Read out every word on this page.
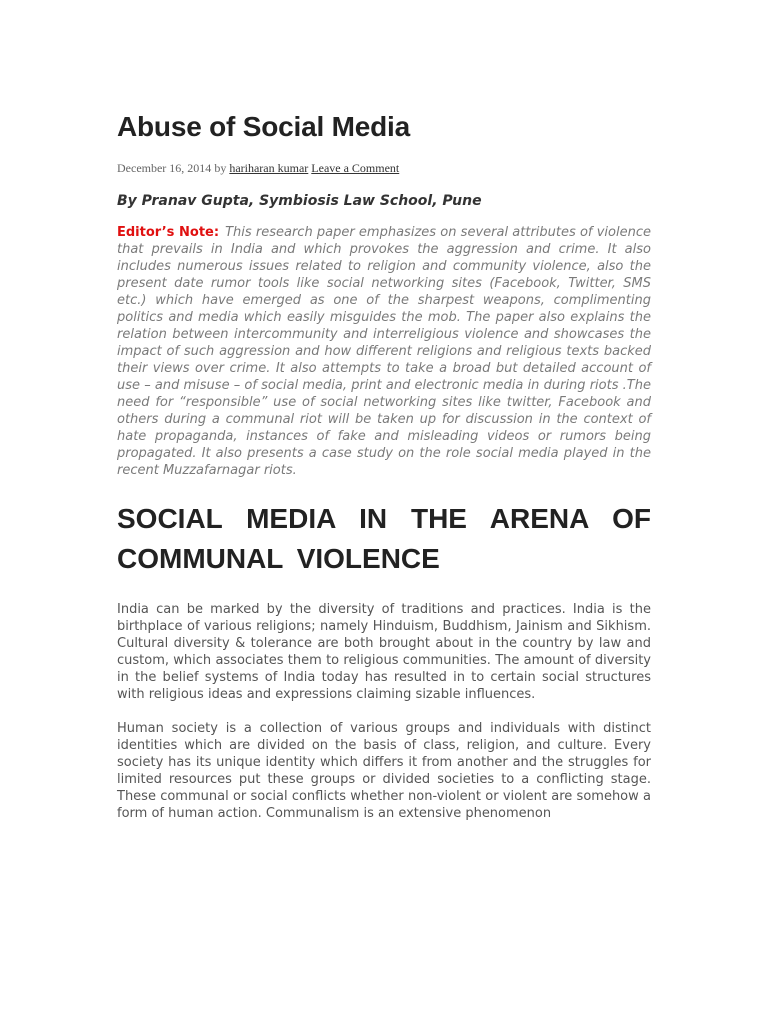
Abuse of Social Media
December 16, 2014 by hariharan kumar Leave a Comment
By Pranav Gupta, Symbiosis Law School, Pune
Editor’s Note: This research paper emphasizes on several attributes of violence that prevails in India and which provokes the aggression and crime. It also includes numerous issues related to religion and community violence, also the present date rumor tools like social networking sites (Facebook, Twitter, SMS etc.) which have emerged as one of the sharpest weapons, complimenting politics and media which easily misguides the mob. The paper also explains the relation between intercommunity and interreligious violence and showcases the impact of such aggression and how different religions and religious texts backed their views over crime. It also attempts to take a broad but detailed account of use – and misuse – of social media, print and electronic media in during riots .The need for “responsible” use of social networking sites like twitter, Facebook and others during a communal riot will be taken up for discussion in the context of hate propaganda, instances of fake and misleading videos or rumors being propagated. It also presents a case study on the role social media played in the recent Muzzafarnagar riots.
SOCIAL MEDIA IN THE ARENA OF COMMUNAL VIOLENCE

India can be marked by the diversity of traditions and practices. India is the birthplace of various religions; namely Hinduism, Buddhism, Jainism and Sikhism. Cultural diversity & tolerance are both brought about in the country by law and custom, which associates them to religious communities. The amount of diversity in the belief systems of India today has resulted in to certain social structures with religious ideas and expressions claiming sizable influences.

Human society is a collection of various groups and individuals with distinct identities which are divided on the basis of class, religion, and culture. Every society has its unique identity which differs it from another and the struggles for limited resources put these groups or divided societies to a conflicting stage. These communal or social conflicts whether non-violent or violent are somehow a form of human action. Communalism is an extensive phenomenon
